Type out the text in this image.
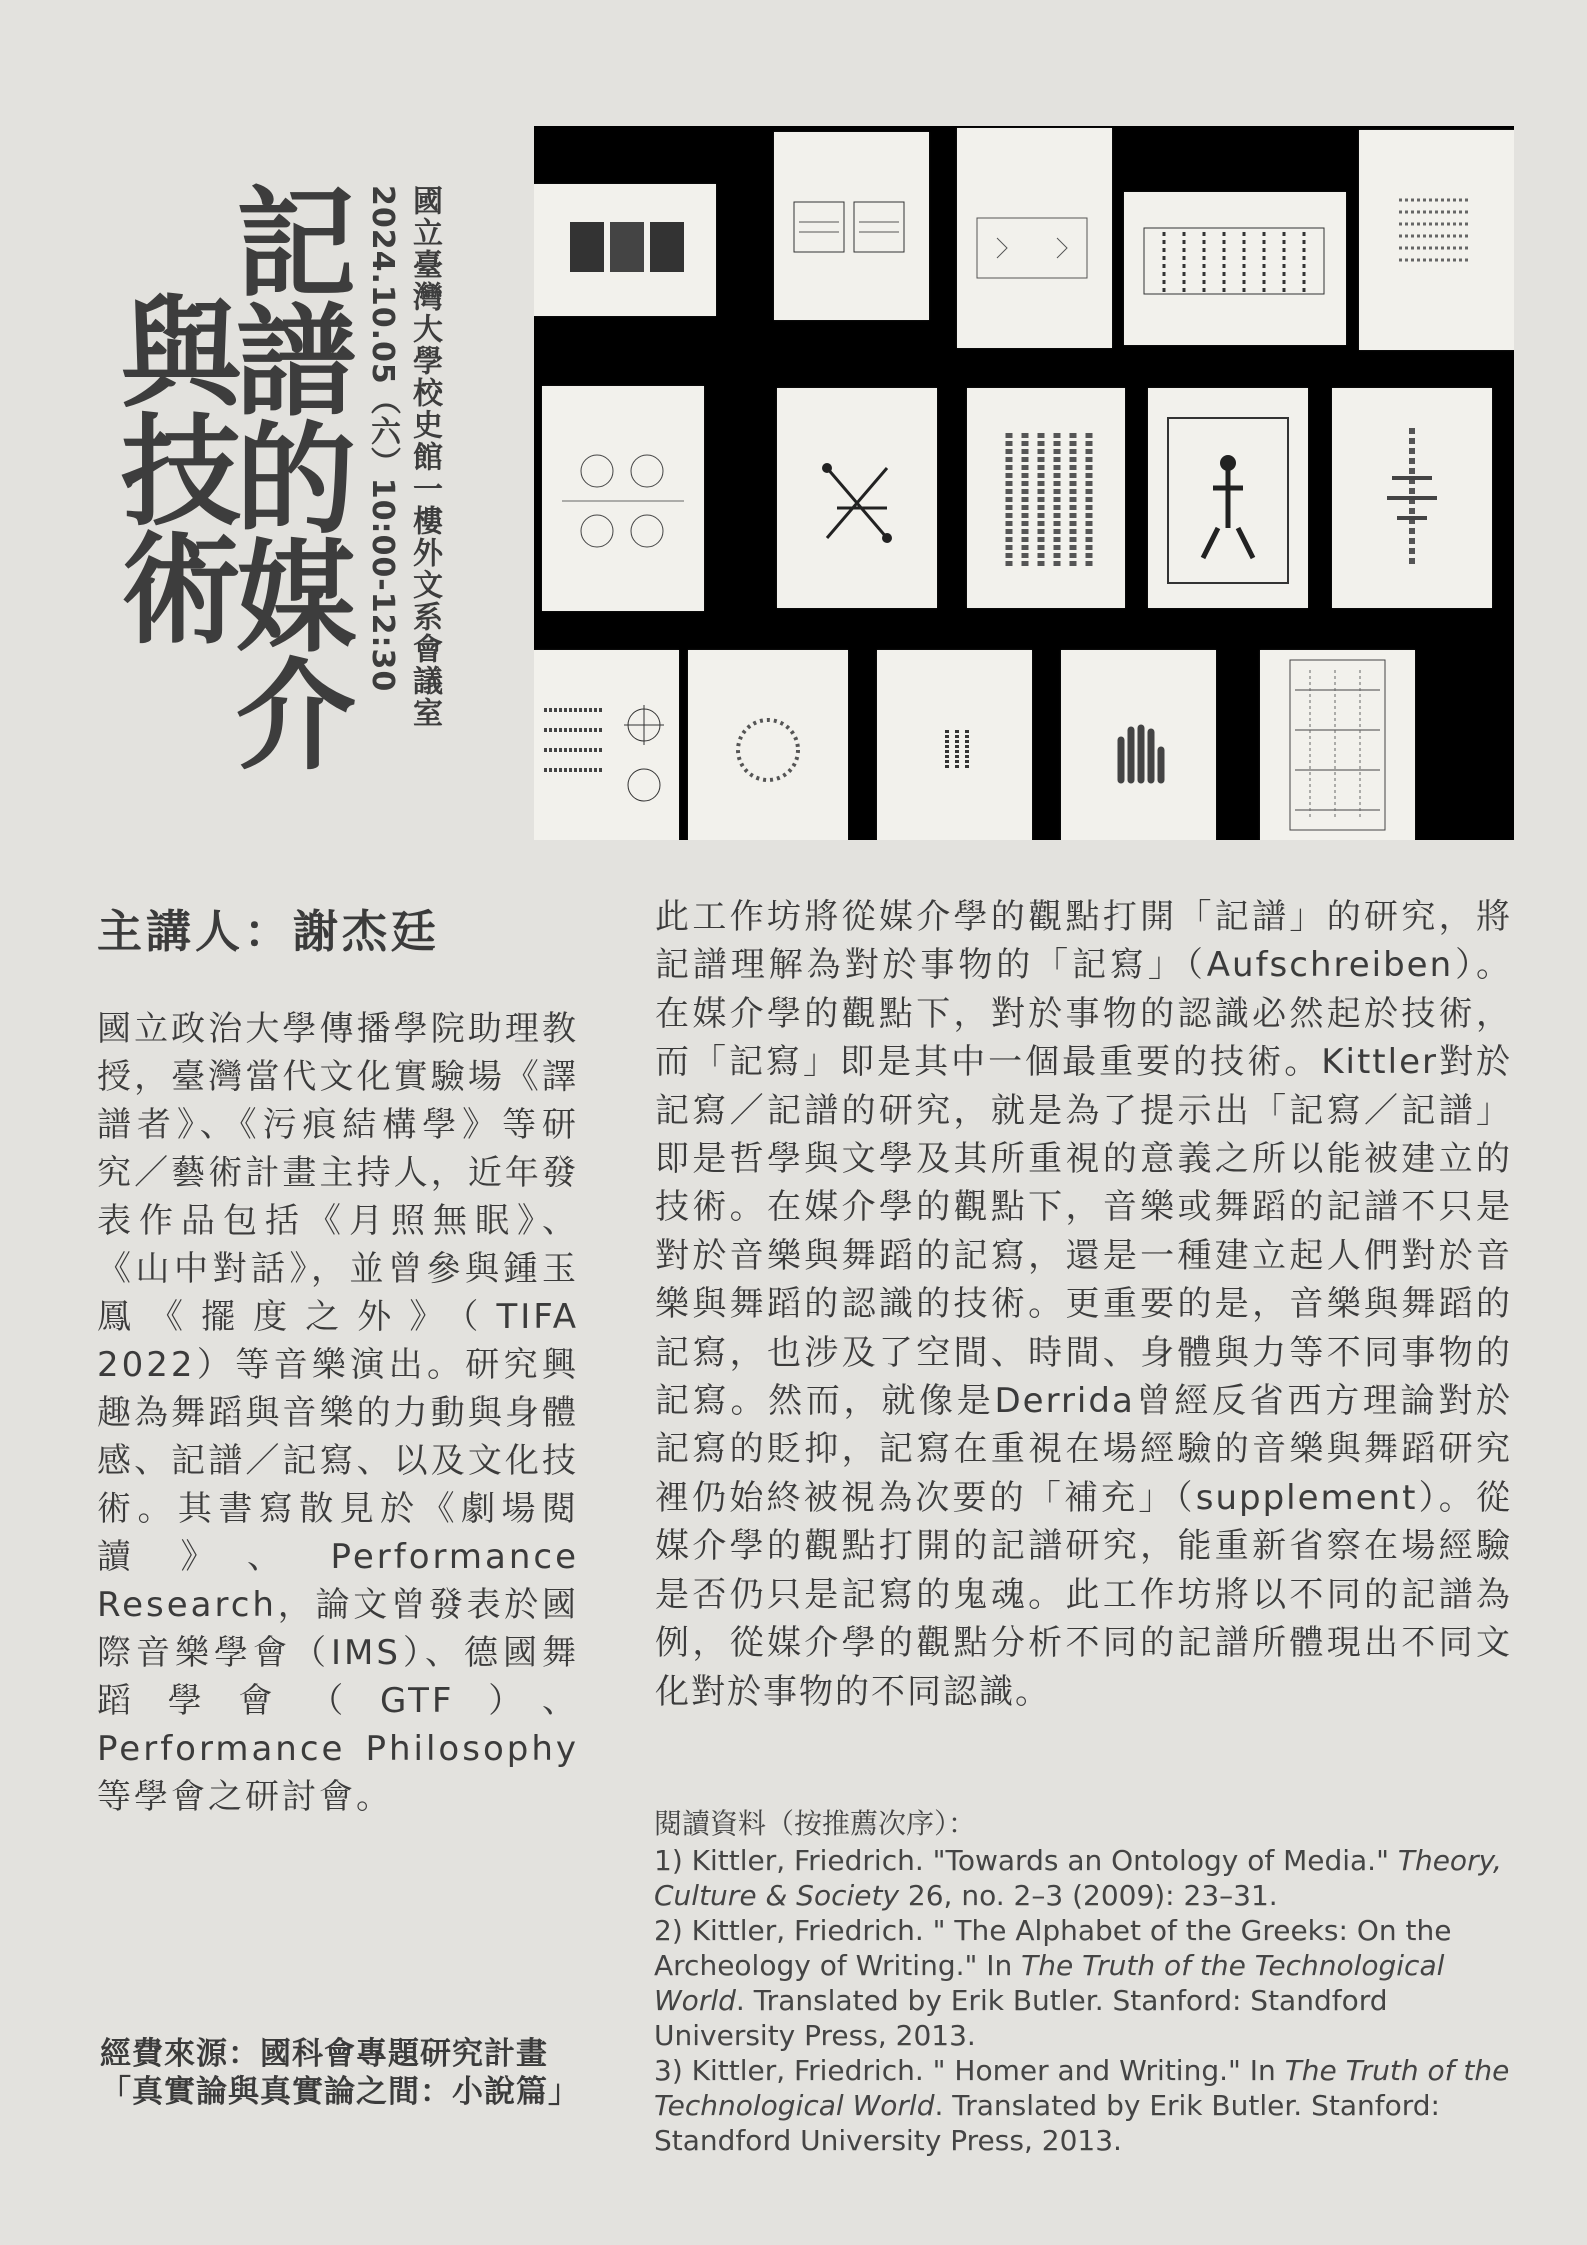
記譜的媒介
與技術	國立臺灣大學校史館一樓外文系會議室
2024.10.05（六）10:00-12:30
主講人：謝杰廷
國立政治大學傳播學院助理教授，臺灣當代文化實驗場《譯譜者》、《污痕結構學》等研究／藝術計畫主持人，近年發表作品包括《月照無眠》、《山中對話》，並曾參與鍾玉鳳《擺度之外》（TIFA 2022）等音樂演出。研究興趣為舞蹈與音樂的力動與身體感、記譜／記寫、以及文化技術。其書寫散見於《劇場閱讀》、Performance Research，論文曾發表於國際音樂學會（IMS）、德國舞蹈學會（GTF）、Performance Philosophy 等學會之研討會。
此工作坊將從媒介學的觀點打開「記譜」的研究，將記譜理解為對於事物的「記寫」（Aufschreiben）。在媒介學的觀點下，對於事物的認識必然起於技術，而「記寫」即是其中一個最重要的技術。Kittler對於記寫／記譜的研究，就是為了提示出「記寫／記譜」即是哲學與文學及其所重視的意義之所以能被建立的技術。在媒介學的觀點下，音樂或舞蹈的記譜不只是對於音樂與舞蹈的記寫，還是一種建立起人們對於音樂與舞蹈的認識的技術。更重要的是，音樂與舞蹈的記寫，也涉及了空間、時間、身體與力等不同事物的記寫。然而，就像是Derrida曾經反省西方理論對於記寫的貶抑，記寫在重視在場經驗的音樂與舞蹈研究裡仍始終被視為次要的「補充」（supplement）。從媒介學的觀點打開的記譜研究，能重新省察在場經驗是否仍只是記寫的鬼魂。此工作坊將以不同的記譜為例，從媒介學的觀點分析不同的記譜所體現出不同文化對於事物的不同認識。
閱讀資料（按推薦次序）：
1) Kittler, Friedrich. "Towards an Ontology of Media." Theory, Culture & Society 26, no. 2–3 (2009): 23–31.
2) Kittler, Friedrich. " The Alphabet of the Greeks: On the Archeology of Writing." In The Truth of the Technological World. Translated by Erik Butler. Stanford: Standford University Press, 2013.
3) Kittler, Friedrich. " Homer and Writing." In The Truth of the Technological World. Translated by Erik Butler. Stanford: Standford University Press, 2013.
經費來源：國科會專題研究計畫「真實論與真實論之間：小說篇」
